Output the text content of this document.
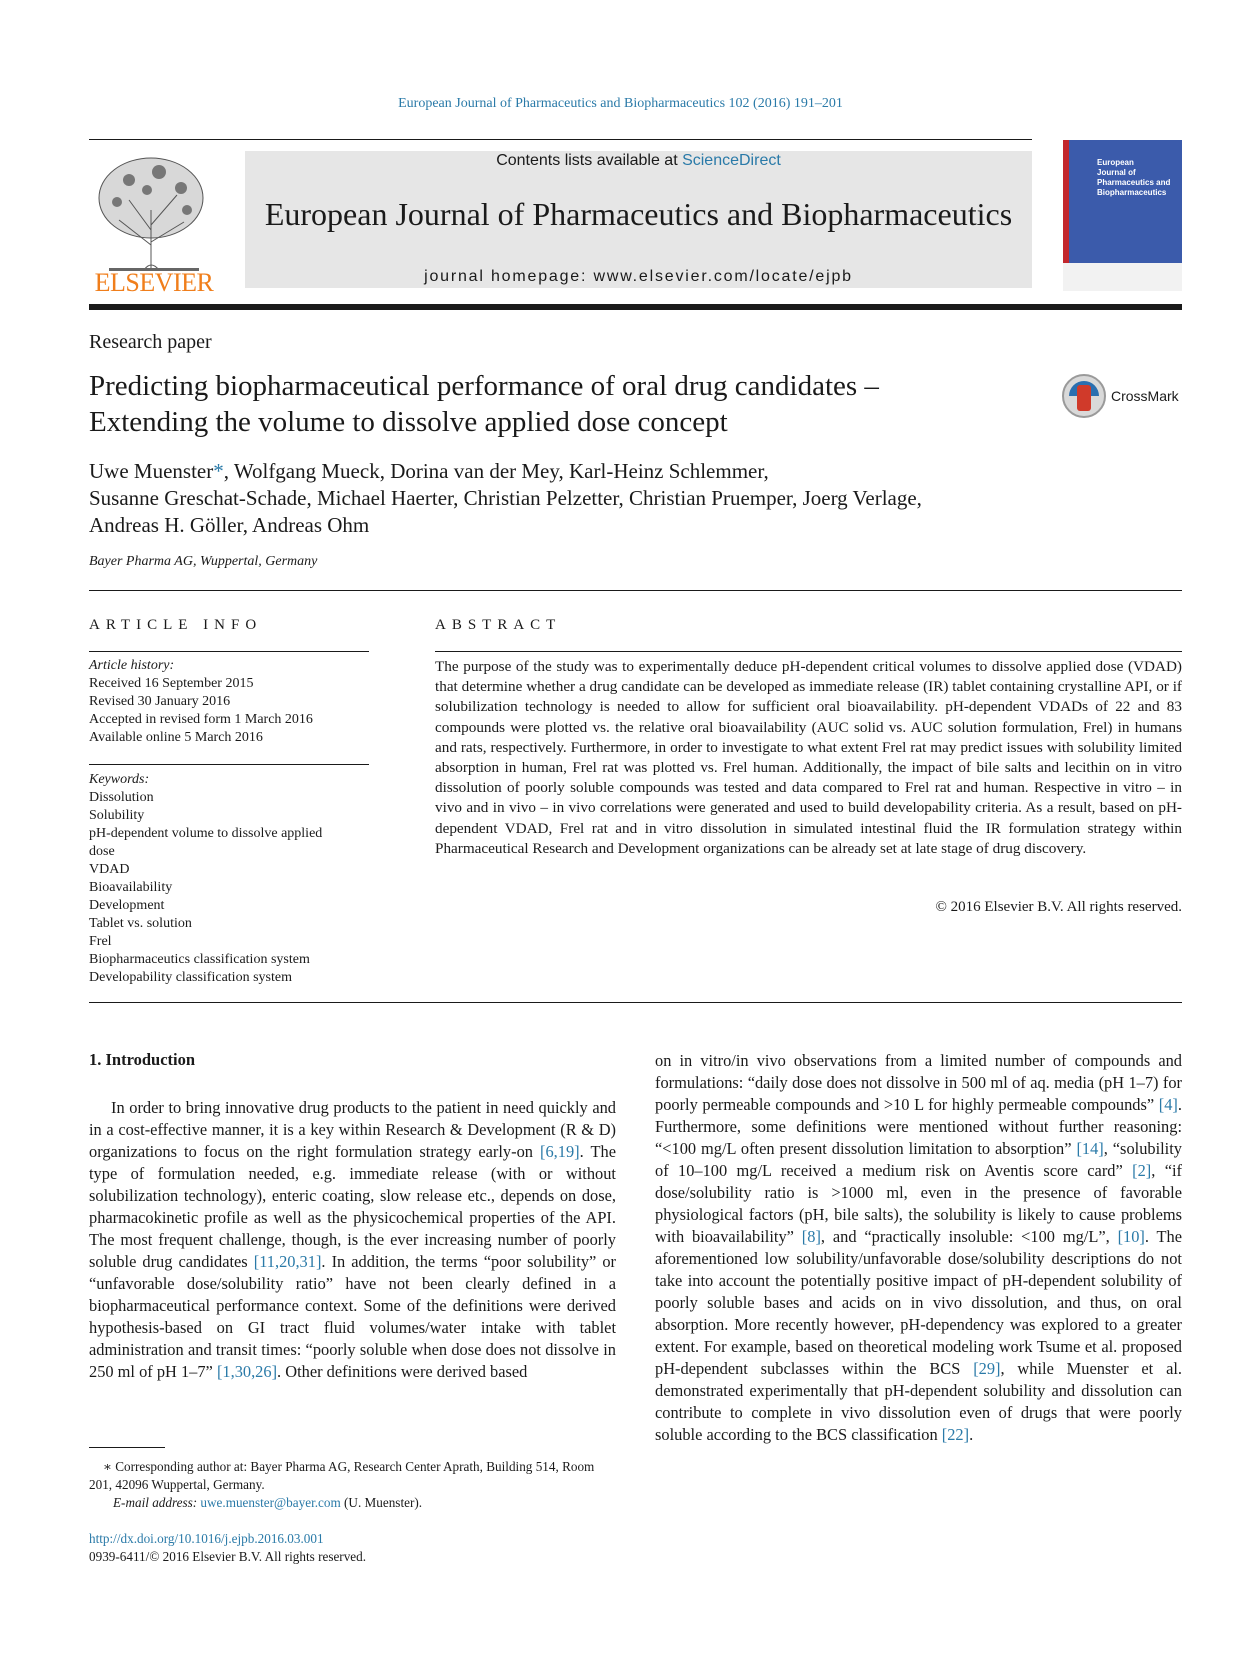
European Journal of Pharmaceutics and Biopharmaceutics 102 (2016) 191–201
ELSEVIER
Contents lists available at ScienceDirect
European Journal of Pharmaceutics and Biopharmaceutics
journal homepage: www.elsevier.com/locate/ejpb
European
Journal of
Pharmaceutics and
Biopharmaceutics
Research paper
Predicting biopharmaceutical performance of oral drug candidates –
Extending the volume to dissolve applied dose concept
CrossMark
Uwe Muenster*, Wolfgang Mueck, Dorina van der Mey, Karl-Heinz Schlemmer,
Susanne Greschat-Schade, Michael Haerter, Christian Pelzetter, Christian Pruemper, Joerg Verlage,
Andreas H. Göller, Andreas Ohm
Bayer Pharma AG, Wuppertal, Germany
ARTICLE INFO
Article history:
Received 16 September 2015
Revised 30 January 2016
Accepted in revised form 1 March 2016
Available online 5 March 2016
Keywords:
Dissolution
Solubility
pH-dependent volume to dissolve applied
dose
VDAD
Bioavailability
Development
Tablet vs. solution
Frel
Biopharmaceutics classification system
Developability classification system
ABSTRACT
The purpose of the study was to experimentally deduce pH-dependent critical volumes to dissolve applied dose (VDAD) that determine whether a drug candidate can be developed as immediate release (IR) tablet containing crystalline API, or if solubilization technology is needed to allow for sufficient oral bioavailability. pH-dependent VDADs of 22 and 83 compounds were plotted vs. the relative oral bioavailability (AUC solid vs. AUC solution formulation, Frel) in humans and rats, respectively. Furthermore, in order to investigate to what extent Frel rat may predict issues with solubility limited absorption in human, Frel rat was plotted vs. Frel human. Additionally, the impact of bile salts and lecithin on in vitro dissolution of poorly soluble compounds was tested and data compared to Frel rat and human. Respective in vitro – in vivo and in vivo – in vivo correlations were generated and used to build developability criteria. As a result, based on pH-dependent VDAD, Frel rat and in vitro dissolution in simulated intestinal fluid the IR formulation strategy within Pharmaceutical Research and Development organizations can be already set at late stage of drug discovery.
© 2016 Elsevier B.V. All rights reserved.
1. Introduction
In order to bring innovative drug products to the patient in need quickly and in a cost-effective manner, it is a key within Research & Development (R & D) organizations to focus on the right formulation strategy early-on [6,19]. The type of formulation needed, e.g. immediate release (with or without solubilization technology), enteric coating, slow release etc., depends on dose, pharmacokinetic profile as well as the physicochemical properties of the API. The most frequent challenge, though, is the ever increasing number of poorly soluble drug candidates [11,20,31]. In addition, the terms “poor solubility” or “unfavorable dose/solubility ratio” have not been clearly defined in a biopharmaceutical performance context. Some of the definitions were derived hypothesis-based on GI tract fluid volumes/water intake with tablet administration and transit times: “poorly soluble when dose does not dissolve in 250 ml of pH 1–7” [1,30,26]. Other definitions were derived based
on in vitro/in vivo observations from a limited number of compounds and formulations: “daily dose does not dissolve in 500 ml of aq. media (pH 1–7) for poorly permeable compounds and >10 L for highly permeable compounds” [4]. Furthermore, some definitions were mentioned without further reasoning: “<100 mg/L often present dissolution limitation to absorption” [14], “solubility of 10–100 mg/L received a medium risk on Aventis score card” [2], “if dose/solubility ratio is >1000 ml, even in the presence of favorable physiological factors (pH, bile salts), the solubility is likely to cause problems with bioavailability” [8], and “practically insoluble: <100 mg/L”, [10]. The aforementioned low solubility/unfavorable dose/solubility descriptions do not take into account the potentially positive impact of pH-dependent solubility of poorly soluble bases and acids on in vivo dissolution, and thus, on oral absorption. More recently however, pH-dependency was explored to a greater extent. For example, based on theoretical modeling work Tsume et al. proposed pH-dependent subclasses within the BCS [29], while Muenster et al. demonstrated experimentally that pH-dependent solubility and dissolution can contribute to complete in vivo dissolution even of drugs that were poorly soluble according to the BCS classification [22].
∗ Corresponding author at: Bayer Pharma AG, Research Center Aprath, Building 514, Room 201, 42096 Wuppertal, Germany.
E-mail address: uwe.muenster@bayer.com (U. Muenster).
http://dx.doi.org/10.1016/j.ejpb.2016.03.001
0939-6411/© 2016 Elsevier B.V. All rights reserved.
